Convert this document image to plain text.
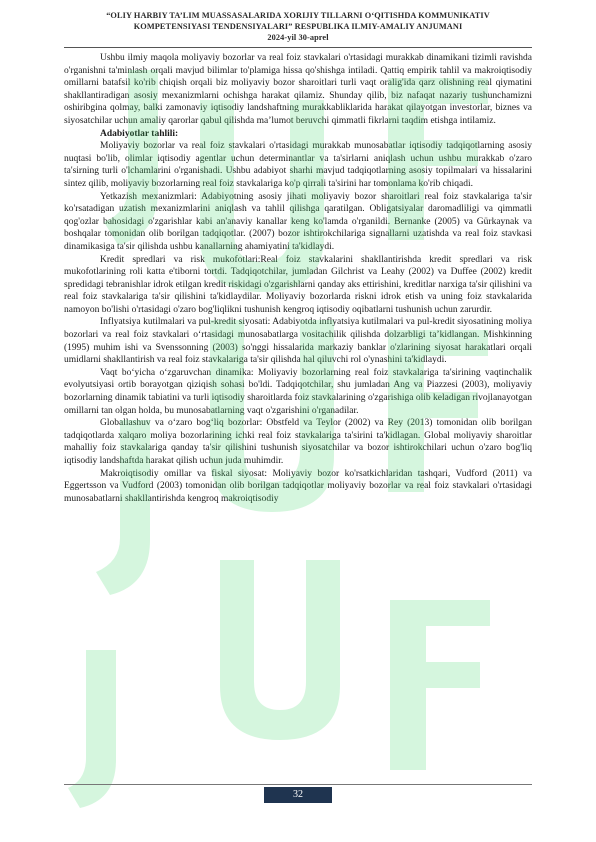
“OLIY HARBIY TA’LIM MUASSASALARIDA XORIJIY TILLARNI O‘QITISHDA KOMMUNIKATIV
KOMPETENSIYASI TENDENSIYALARI” RESPUBLIKA ILMIY-AMALIY ANJUMANI
2024-yil 30-aprel

Ushbu ilmiy maqola moliyaviy bozorlar va real foiz stavkalari o'rtasidagi murakkab dinamikani tizimli ravishda o'rganishni ta'minlash orqali mavjud bilimlar to'plamiga hissa qo'shishga intiladi. Qattiq empirik tahlil va makroiqtisodiy omillarni batafsil ko'rib chiqish orqali biz moliyaviy bozor sharoitlari turli vaqt oralig'ida qarz olishning real qiymatini shakllantiradigan asosiy mexanizmlarni ochishga harakat qilamiz. Shunday qilib, biz nafaqat nazariy tushunchamizni oshiribgina qolmay, balki zamonaviy iqtisodiy landshaftning murakkabliklarida harakat qilayotgan investorlar, biznes va siyosatchilar uchun amaliy qarorlar qabul qilishda ma’lumot beruvchi qimmatli fikrlarni taqdim etishga intilamiz.

Adabiyotlar tahlili:

Moliyaviy bozorlar va real foiz stavkalari o'rtasidagi murakkab munosabatlar iqtisodiy tadqiqotlarning asosiy nuqtasi bo'lib, olimlar iqtisodiy agentlar uchun determinantlar va ta'sirlarni aniqlash uchun ushbu murakkab o'zaro ta'sirning turli o'lchamlarini o'rganishadi. Ushbu adabiyot sharhi mavjud tadqiqotlarning asosiy topilmalari va hissalarini sintez qilib, moliyaviy bozorlarning real foiz stavkalariga ko'p qirrali ta'sirini har tomonlama ko'rib chiqadi.

Yetkazish mexanizmlari: Adabiyotning asosiy jihati moliyaviy bozor sharoitlari real foiz stavkalariga ta'sir ko'rsatadigan uzatish mexanizmlarini aniqlash va tahlil qilishga qaratilgan. Obligatsiyalar daromadliligi va qimmatli qog'ozlar bahosidagi o'zgarishlar kabi an'anaviy kanallar keng ko'lamda o'rganildi. Bernanke (2005) va Gürkaynak va boshqalar tomonidan olib borilgan tadqiqotlar. (2007) bozor ishtirokchilariga signallarni uzatishda va real foiz stavkasi dinamikasiga ta'sir qilishda ushbu kanallarning ahamiyatini ta'kidlaydi.

Kredit spredlari va risk mukofotlari:Real foiz stavkalarini shakllantirishda kredit spredlari va risk mukofotlarining roli katta e'tiborni tortdi. Tadqiqotchilar, jumladan Gilchrist va Leahy (2002) va Duffee (2002) kredit spredidagi tebranishlar idrok etilgan kredit riskidagi o'zgarishlarni qanday aks ettirishini, kreditlar narxiga ta'sir qilishini va real foiz stavkalariga ta'sir qilishini ta'kidlaydilar. Moliyaviy bozorlarda riskni idrok etish va uning foiz stavkalarida namoyon bo'lishi o'rtasidagi o'zaro bog'liqlikni tushunish kengroq iqtisodiy oqibatlarni tushunish uchun zarurdir.

Inflyatsiya kutilmalari va pul-kredit siyosati: Adabiyotda inflyatsiya kutilmalari va pul-kredit siyosatining moliya bozorlari va real foiz stavkalari o‘rtasidagi munosabatlarga vositachilik qilishda dolzarbligi ta’kidlangan. Mishkinning (1995) muhim ishi va Svenssonning (2003) so'nggi hissalarida markaziy banklar o'zlarining siyosat harakatlari orqali umidlarni shakllantirish va real foiz stavkalariga ta'sir qilishda hal qiluvchi rol o'ynashini ta'kidlaydi.

Vaqt bo‘yicha o‘zgaruvchan dinamika: Moliyaviy bozorlarning real foiz stavkalariga ta'sirining vaqtinchalik evolyutsiyasi ortib borayotgan qiziqish sohasi bo'ldi. Tadqiqotchilar, shu jumladan Ang va Piazzesi (2003), moliyaviy bozorlarning dinamik tabiatini va turli iqtisodiy sharoitlarda foiz stavkalarining o'zgarishiga olib keladigan rivojlanayotgan omillarni tan olgan holda, bu munosabatlarning vaqt o'zgarishini o'rganadilar.

Globallashuv va o‘zaro bog‘liq bozorlar: Obstfeld va Teylor (2002) va Rey (2013) tomonidan olib borilgan tadqiqotlarda xalqaro moliya bozorlarining ichki real foiz stavkalariga ta'sirini ta'kidlagan. Global moliyaviy sharoitlar mahalliy foiz stavkalariga qanday ta'sir qilishini tushunish siyosatchilar va bozor ishtirokchilari uchun o'zaro bog'liq iqtisodiy landshaftda harakat qilish uchun juda muhimdir.

Makroiqtisodiy omillar va fiskal siyosat: Moliyaviy bozor ko'rsatkichlaridan tashqari, Vudford (2011) va Eggertsson va Vudford (2003) tomonidan olib borilgan tadqiqotlar moliyaviy bozorlar va real foiz stavkalari o'rtasidagi munosabatlarni shakllantirishda kengroq makroiqtisodiy

32
